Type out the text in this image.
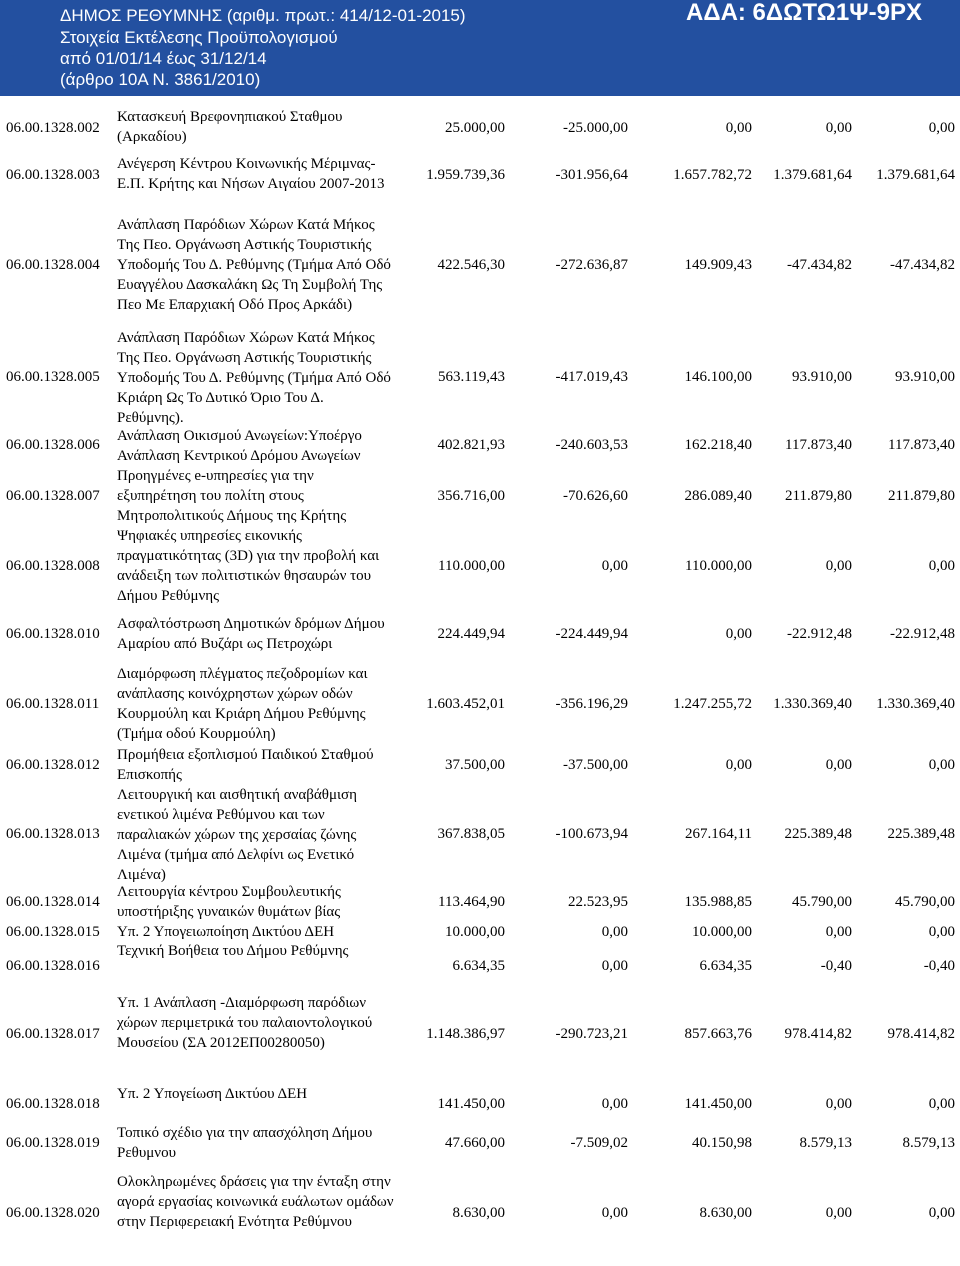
ΔΗΜΟΣ ΡΕΘΥΜΝΗΣ (αριθμ. πρωτ.: 414/12-01-2015)
Στοιχεία Εκτέλεσης Προϋπολογισμού
από 01/01/14 έως 31/12/14
(άρθρο 10Α Ν. 3861/2010)
ΑΔΑ: 6ΔΩΤΩ1Ψ-9ΡΧ
06.00.1328.002
Κατασκευή Βρεφονηπιακού Σταθμου
(Αρκαδίου)
25.000,00	-25.000,00	0,00	0,00	0,00
06.00.1328.003
Ανέγερση Κέντρου Κοινωνικής Μέριμνας-
Ε.Π. Κρήτης και Νήσων Αιγαίου 2007-2013
1.959.739,36	-301.956,64	1.657.782,72	1.379.681,64	1.379.681,64
06.00.1328.004
Ανάπλαση Παρόδιων Χώρων Κατά Μήκος
Της Πεο. Οργάνωση Αστικής Τουριστικής
Υποδομής Του Δ. Ρεθύμνης (Τμήμα Από Οδό
Ευαγγέλου Δασκαλάκη Ως Τη Συμβολή Της
Πεο Με Επαρχιακή Οδό Προς Αρκάδι)
422.546,30	-272.636,87	149.909,43	-47.434,82	-47.434,82
06.00.1328.005
Ανάπλαση Παρόδιων Χώρων Κατά Μήκος
Της Πεο. Οργάνωση Αστικής Τουριστικής
Υποδομής Του Δ. Ρεθύμνης (Τμήμα Από Οδό
Κριάρη Ως Το Δυτικό Όριο Του Δ.
Ρεθύμνης).
563.119,43	-417.019,43	146.100,00	93.910,00	93.910,00
06.00.1328.006
Ανάπλαση Οικισμού Ανωγείων:Υποέργο
Ανάπλαση Κεντρικού Δρόμου Ανωγείων
402.821,93	-240.603,53	162.218,40	117.873,40	117.873,40
06.00.1328.007
Προηγμένες e-υπηρεσίες για την
εξυπηρέτηση του πολίτη στους
Μητροπολιτικούς Δήμους της Κρήτης
356.716,00	-70.626,60	286.089,40	211.879,80	211.879,80
06.00.1328.008
Ψηφιακές υπηρεσίες εικονικής
πραγματικότητας (3D) για την προβολή και
ανάδειξη των πολιτιστικών θησαυρών του
Δήμου Ρεθύμνης
110.000,00	0,00	110.000,00	0,00	0,00
06.00.1328.010
Ασφαλτόστρωση Δημοτικών δρόμων Δήμου
Αμαρίου από Βυζάρι ως Πετροχώρι
224.449,94	-224.449,94	0,00	-22.912,48	-22.912,48
06.00.1328.011
Διαμόρφωση πλέγματος πεζοδρομίων και
ανάπλασης κοινόχρηστων χώρων οδών
Κουρμούλη και Κριάρη Δήμου Ρεθύμνης
(Τμήμα οδού Κουρμούλη)
1.603.452,01	-356.196,29	1.247.255,72	1.330.369,40	1.330.369,40
06.00.1328.012
Προμήθεια εξοπλισμού Παιδικού Σταθμού
Επισκοπής
37.500,00	-37.500,00	0,00	0,00	0,00
06.00.1328.013
Λειτουργική και αισθητική αναβάθμιση
ενετικού λιμένα Ρεθύμνου και των
παραλιακών χώρων της χερσαίας ζώνης
Λιμένα (τμήμα από Δελφίνι ως Ενετικό
Λιμένα)
367.838,05	-100.673,94	267.164,11	225.389,48	225.389,48
06.00.1328.014
Λειτουργία κέντρου Συμβουλευτικής
υποστήριξης γυναικών θυμάτων βίας
113.464,90	22.523,95	135.988,85	45.790,00	45.790,00
06.00.1328.015 Υπ. 2 Υπογειωποίηση Δικτύου ΔΕΗ	10.000,00	0,00	10.000,00	0,00	0,00
06.00.1328.016
Τεχνική Βοήθεια του Δήμου Ρεθύμνης
6.634,35	0,00	6.634,35	-0,40	-0,40
06.00.1328.017
Υπ. 1 Ανάπλαση -Διαμόρφωση παρόδιων
χώρων περιμετρικά του παλαιοντολογικού
Μουσείου (ΣΑ 2012ΕΠ00280050)
1.148.386,97	-290.723,21	857.663,76	978.414,82	978.414,82
06.00.1328.018
Υπ. 2 Υπογείωση Δικτύου ΔΕΗ
141.450,00	0,00	141.450,00	0,00	0,00
06.00.1328.019
Τοπικό σχέδιο για την απασχόληση Δήμου
Ρεθυμνου
47.660,00	-7.509,02	40.150,98	8.579,13	8.579,13
06.00.1328.020
Ολοκληρωμένες δράσεις για την ένταξη στην
αγορά εργασίας κοινωνικά ευάλωτων ομάδων
στην Περιφερειακή Ενότητα Ρεθύμνου
8.630,00	0,00	8.630,00	0,00	0,00
